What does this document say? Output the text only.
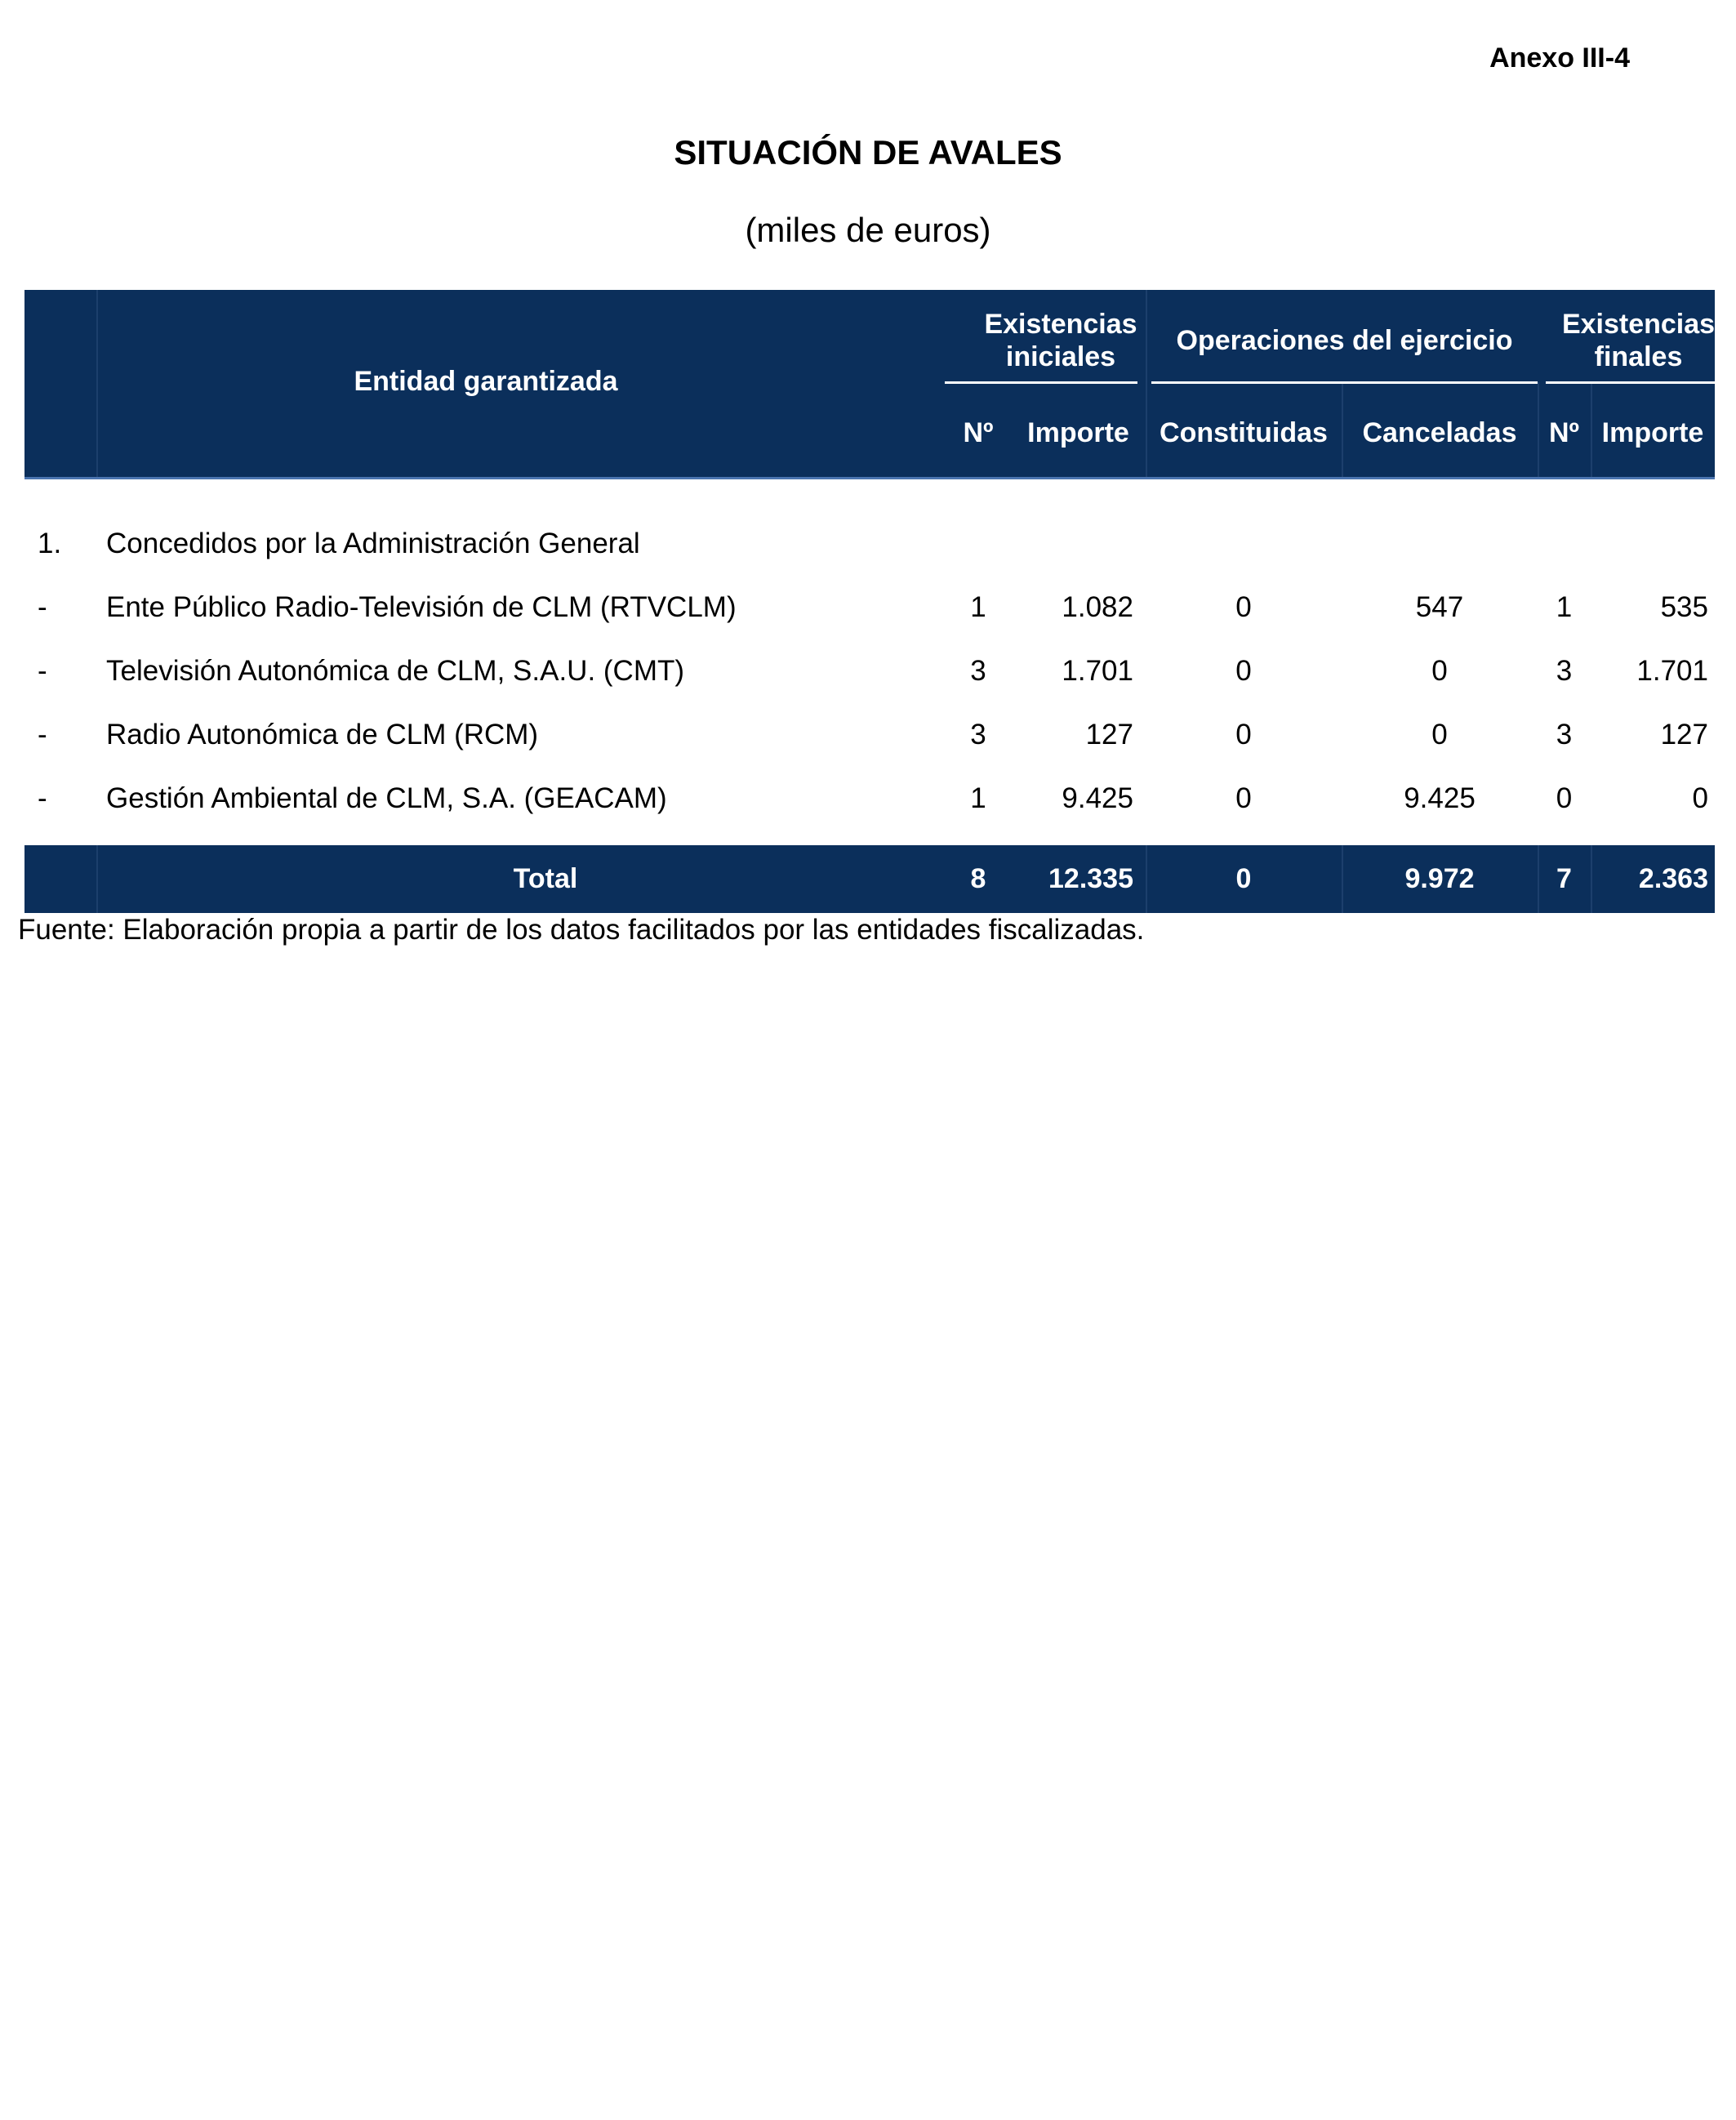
Anexo III-4
SITUACIÓN DE AVALES
(miles de euros)
Entidad garantizada
Existencias iniciales
Operaciones del ejercicio
Existencias finales
Nº	Importe	Constituidas	Canceladas	Nº Importe
1. Concedidos por la Administración General
- Ente Público Radio-Televisión de CLM (RTVCLM)	1	1.082	0	547	1	535
- Televisión Autonómica de CLM, S.A.U. (CMT)	3	1.701	0	0	3	1.701
- Radio Autonómica de CLM (RCM)	3	127	0	0	3	127
- Gestión Ambiental de CLM, S.A. (GEACAM)	1	9.425	0	9.425	0	0
Total	8	12.335	0	9.972	7	2.363
Fuente: Elaboración propia a partir de los datos facilitados por las entidades fiscalizadas.
